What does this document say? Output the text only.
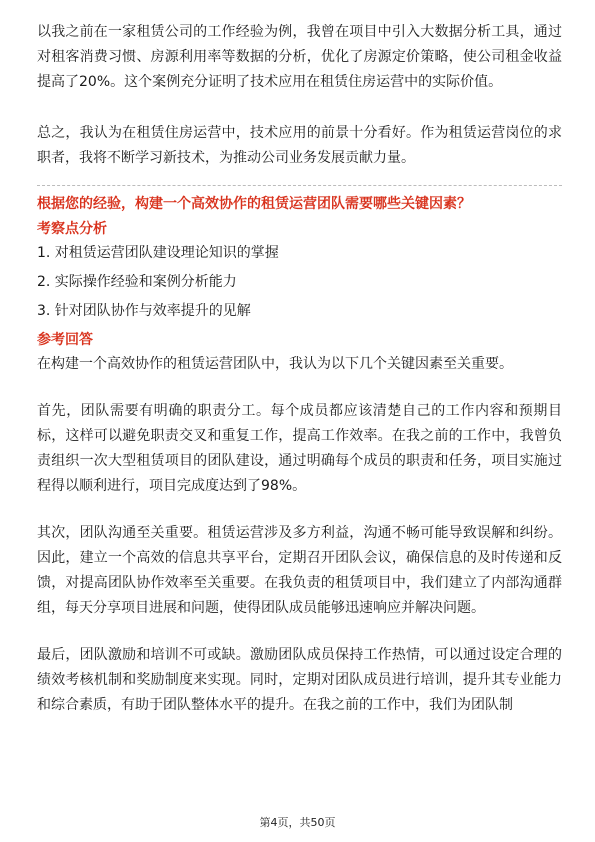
以我之前在一家租赁公司的工作经验为例，我曾在项目中引入大数据分析工具，通过对租客消费习惯、房源利用率等数据的分析，优化了房源定价策略，使公司租金收益提高了20%。这个案例充分证明了技术应用在租赁住房运营中的实际价值。

总之，我认为在租赁住房运营中，技术应用的前景十分看好。作为租赁运营岗位的求职者，我将不断学习新技术，为推动公司业务发展贡献力量。

根据您的经验，构建一个高效协作的租赁运营团队需要哪些关键因素？

考察点分析

1. 对租赁运营团队建设理论知识的掌握

2. 实际操作经验和案例分析能力

3. 针对团队协作与效率提升的见解

参考回答

在构建一个高效协作的租赁运营团队中，我认为以下几个关键因素至关重要。

首先，团队需要有明确的职责分工。每个成员都应该清楚自己的工作内容和预期目标，这样可以避免职责交叉和重复工作，提高工作效率。在我之前的工作中，我曾负责组织一次大型租赁项目的团队建设，通过明确每个成员的职责和任务，项目实施过程得以顺利进行，项目完成度达到了98%。

其次，团队沟通至关重要。租赁运营涉及多方利益，沟通不畅可能导致误解和纠纷。因此，建立一个高效的信息共享平台，定期召开团队会议，确保信息的及时传递和反馈，对提高团队协作效率至关重要。在我负责的租赁项目中，我们建立了内部沟通群组，每天分享项目进展和问题，使得团队成员能够迅速响应并解决问题。

最后，团队激励和培训不可或缺。激励团队成员保持工作热情，可以通过设定合理的绩效考核机制和奖励制度来实现。同时，定期对团队成员进行培训，提升其专业能力和综合素质，有助于团队整体水平的提升。在我之前的工作中，我们为团队制

第4页，共50页
